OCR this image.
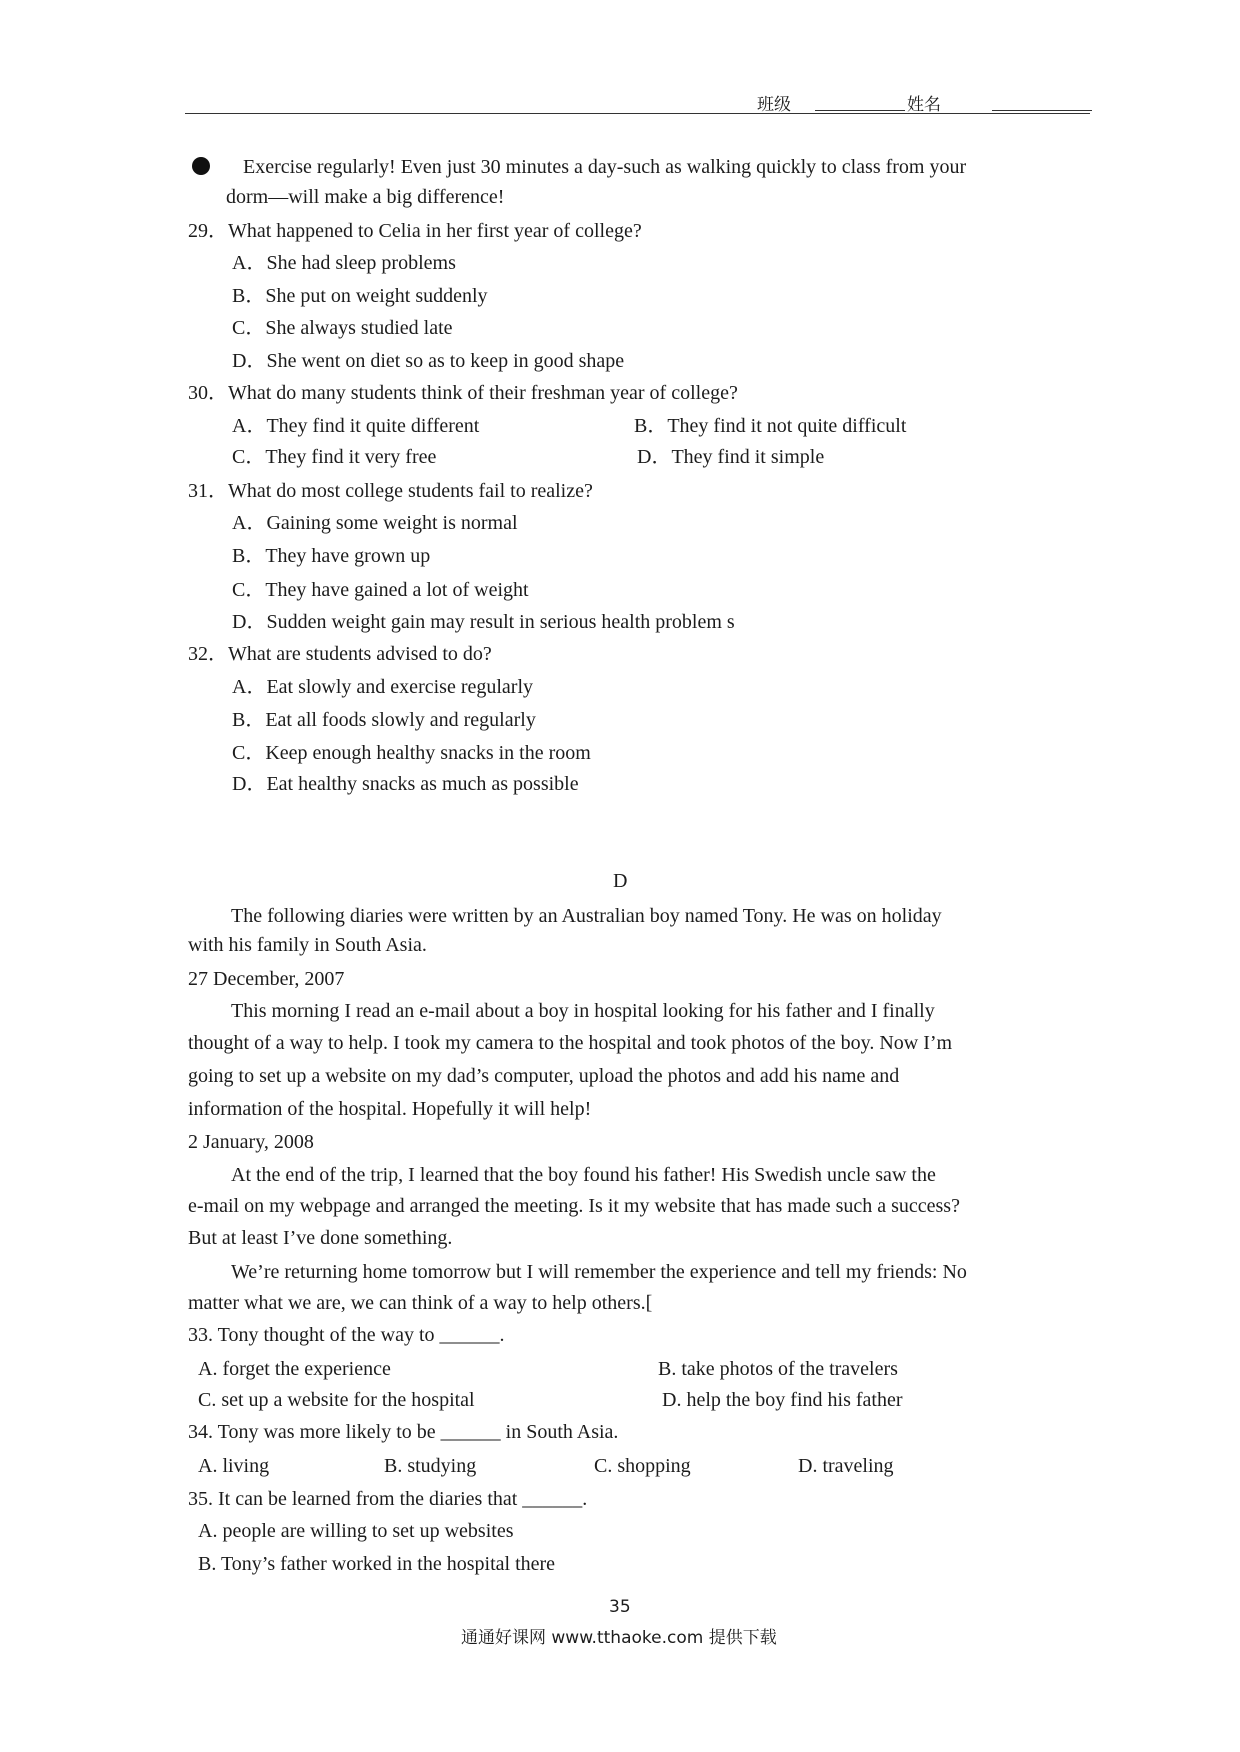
班级	姓名
Exercise regularly! Even just 30 minutes a day-such as walking quickly to class from your
dorm—will make a big difference!
29．What happened to Celia in her first year of college?
A．She had sleep problems
B．She put on weight suddenly
C．She always studied late
D．She went on diet so as to keep in good shape
30．What do many students think of their freshman year of college?
A．They find it quite different	B．They find it not quite difficult
C．They find it very free	D．They find it simple
31．What do most college students fail to realize?
A．Gaining some weight is normal
B．They have grown up
C．They have gained a lot of weight
D．Sudden weight gain may result in serious health problem s
32．What are students advised to do?
A．Eat slowly and exercise regularly
B．Eat all foods slowly and regularly
C．Keep enough healthy snacks in the room
D．Eat healthy snacks as much as possible
D
The following diaries were written by an Australian boy named Tony. He was on holiday
with his family in South Asia.
27 December, 2007
This morning I read an e-mail about a boy in hospital looking for his father and I finally
thought of a way to help. I took my camera to the hospital and took photos of the boy. Now I’m
going to set up a website on my dad’s computer, upload the photos and add his name and
information of the hospital. Hopefully it will help!
2 January, 2008
At the end of the trip, I learned that the boy found his father! His Swedish uncle saw the
e-mail on my webpage and arranged the meeting. Is it my website that has made such a success?
But at least I’ve done something.
We’re returning home tomorrow but I will remember the experience and tell my friends: No
matter what we are, we can think of a way to help others.[
33. Tony thought of the way to ______.
A. forget the experience	B. take photos of the travelers
C. set up a website for the hospital	D. help the boy find his father
34. Tony was more likely to be ______ in South Asia.
A. living	B. studying	C. shopping	D. traveling
35. It can be learned from the diaries that ______.
A. people are willing to set up websites
B. Tony’s father worked in the hospital there
35
通通好课网 www.tthaoke.com 提供下载
